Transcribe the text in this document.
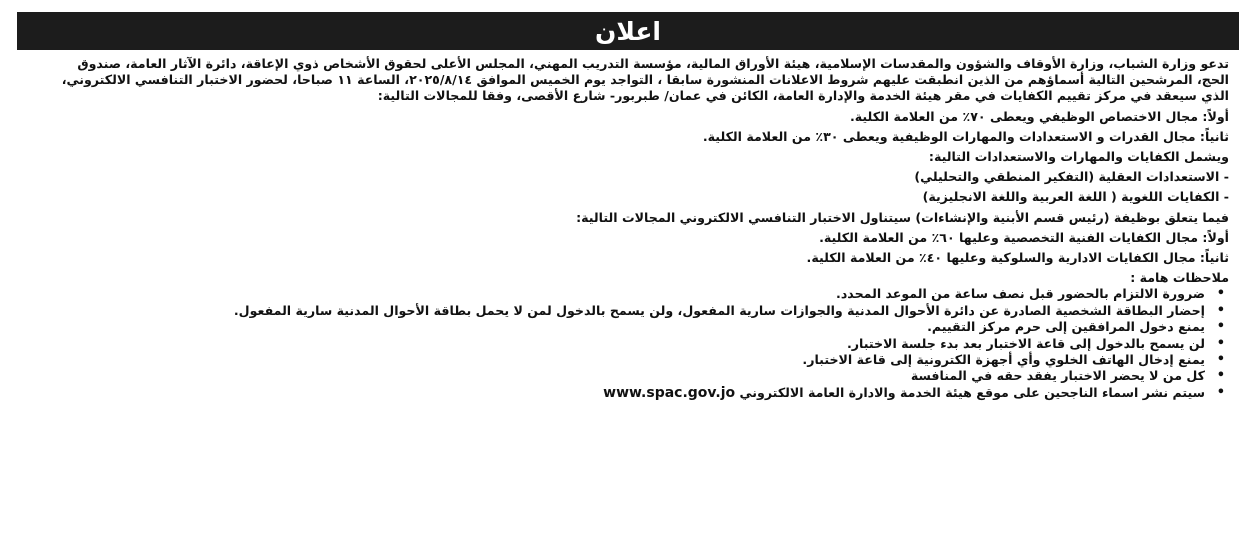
اعلان

تدعو وزارة الشباب، وزارة الأوقاف والشؤون والمقدسات الإسلامية، هيئة الأوراق المالية، مؤسسة التدريب المهني، المجلس الأعلى لحقوق الأشخاص ذوي الإعاقة، دائرة الآثار العامة، صندوق

الحج، المرشحين التالية أسماؤهم من الذين انطبقت عليهم شروط الاعلانات المنشورة سابقا ، التواجد يوم الخميس الموافق ٢٠٢٥/٨/١٤، الساعة ١١ صباحا، لحضور الاختبار التنافسي الالكتروني،

الذي سيعقد في مركز تقييم الكفايات في مقر هيئة الخدمة والإدارة العامة، الكائن في عمان/ طبربور- شارع الأقصى، وفقا للمجالات التالية:

أولاً: مجال الاختصاص الوظيفي ويعطى ٧٠٪ من العلامة الكلية.

ثانياً: مجال القدرات و الاستعدادات والمهارات الوظيفية ويعطى ٣٠٪ من العلامة الكلية.

ويشمل الكفايات والمهارات والاستعدادات التالية:

- الاستعدادات العقلية (التفكير المنطقي والتحليلي)

- الكفايات اللغوية ( اللغة العربية واللغة الانجليزية)

فيما يتعلق بوظيفة (رئيس قسم الأبنية والإنشاءات) سيتناول الاختبار التنافسي الالكتروني المجالات التالية:

أولاً: مجال الكفايات الفنية التخصصية وعليها ٦٠٪ من العلامة الكلية.

ثانياً: مجال الكفايات الادارية والسلوكية وعليها ٤٠٪ من العلامة الكلية.

ملاحظات هامة :

•
ضرورة الالتزام بالحضور قبل نصف ساعة من الموعد المحدد.
•
إحضار البطاقة الشخصية الصادرة عن دائرة الأحوال المدنية والجوازات سارية المفعول، ولن يسمح بالدخول لمن لا يحمل بطاقة الأحوال المدنية سارية المفعول.
•
يمنع دخول المرافقين إلى حرم مركز التقييم.
•
لن يسمح بالدخول إلى قاعة الاختبار بعد بدء جلسة الاختبار.
•
يمنع إدخال الهاتف الخلوي وأي أجهزة الكترونية إلى قاعة الاختبار.
•
كل من لا يحضر الاختبار يفقد حقه في المنافسة
•
سيتم نشر اسماء الناجحين على موقع هيئة الخدمة والادارة العامة الالكتروني www.spac.gov.jo
